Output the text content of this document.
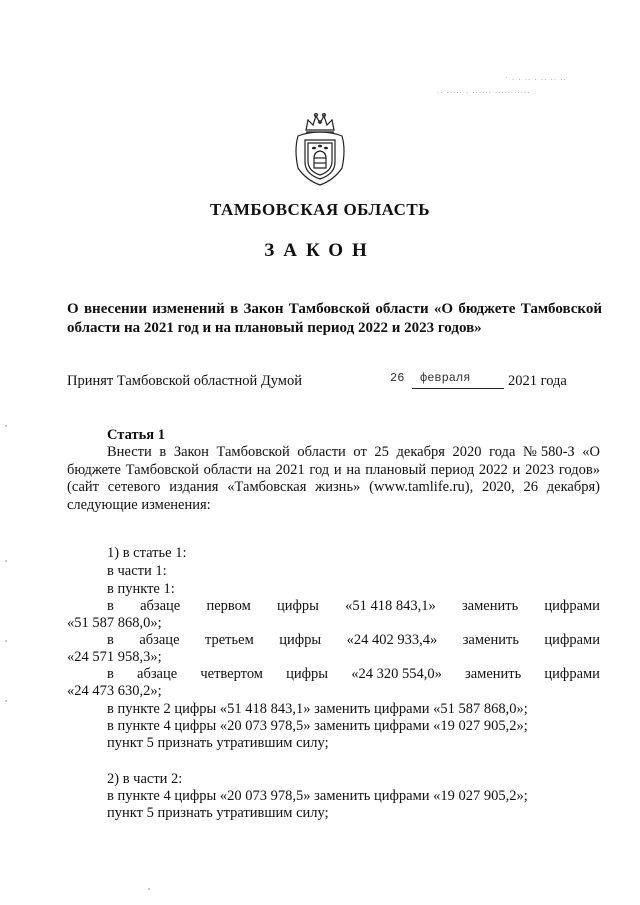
· . . .. . .. .. ..
.. ..... . .. ... ..... .....
ТАМБОВСКАЯ ОБЛАСТЬ
ЗАКОН
О внесении изменений в Закон Тамбовской области «О бюджете Тамбовской области на 2021 год и на плановый период 2022 и 2023 годов»
Принят Тамбовской областной Думой	26 февраля	2021 года
Статья 1
Внести в Закон Тамбовской области от 25 декабря 2020 года №580-З «О бюджете Тамбовской области на 2021 год и на плановый период 2022 и 2023 годов» (сайт сетевого издания «Тамбовская жизнь» (www.tamlife.ru), 2020, 26 декабря) следующие изменения:
1) в статье 1:
в части 1:
в пункте 1:
в абзаце первом цифры «51 418 843,1» заменить цифрами
«51 587 868,0»;
в абзаце третьем цифры «24 402 933,4» заменить цифрами
«24 571 958,3»;
в абзаце четвертом цифры «24 320 554,0» заменить цифрами
«24 473 630,2»;
в пункте 2 цифры «51 418 843,1» заменить цифрами «51 587 868,0»;
в пункте 4 цифры «20 073 978,5» заменить цифрами «19 027 905,2»;
пункт 5 признать утратившим силу;
2) в части 2:
в пункте 4 цифры «20 073 978,5» заменить цифрами «19 027 905,2»;
пункт 5 признать утратившим силу;
